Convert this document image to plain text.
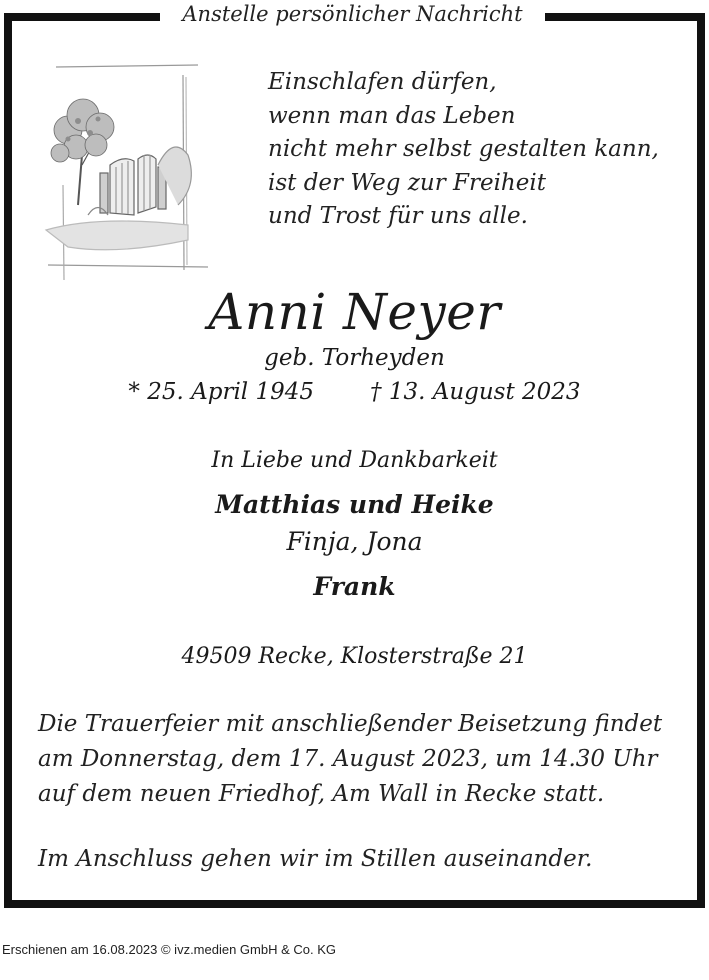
Anstelle persönlicher Nachricht
Einschlafen dürfen,
wenn man das Leben
nicht mehr selbst gestalten kann,
ist der Weg zur Freiheit
und Trost für uns alle.
Anni Neyer
geb. Torheyden
* 25. April 1945 † 13. August 2023
In Liebe und Dankbarkeit
Matthias und Heike
Finja, Jona
Frank
49509 Recke, Klosterstraße 21
Die Trauerfeier mit anschließender Beisetzung findet
am Donnerstag, dem 17. August 2023, um 14.30 Uhr
auf dem neuen Friedhof, Am Wall in Recke statt.
Im Anschluss gehen wir im Stillen auseinander.
Erschienen am 16.08.2023 © ivz.medien GmbH & Co. KG
